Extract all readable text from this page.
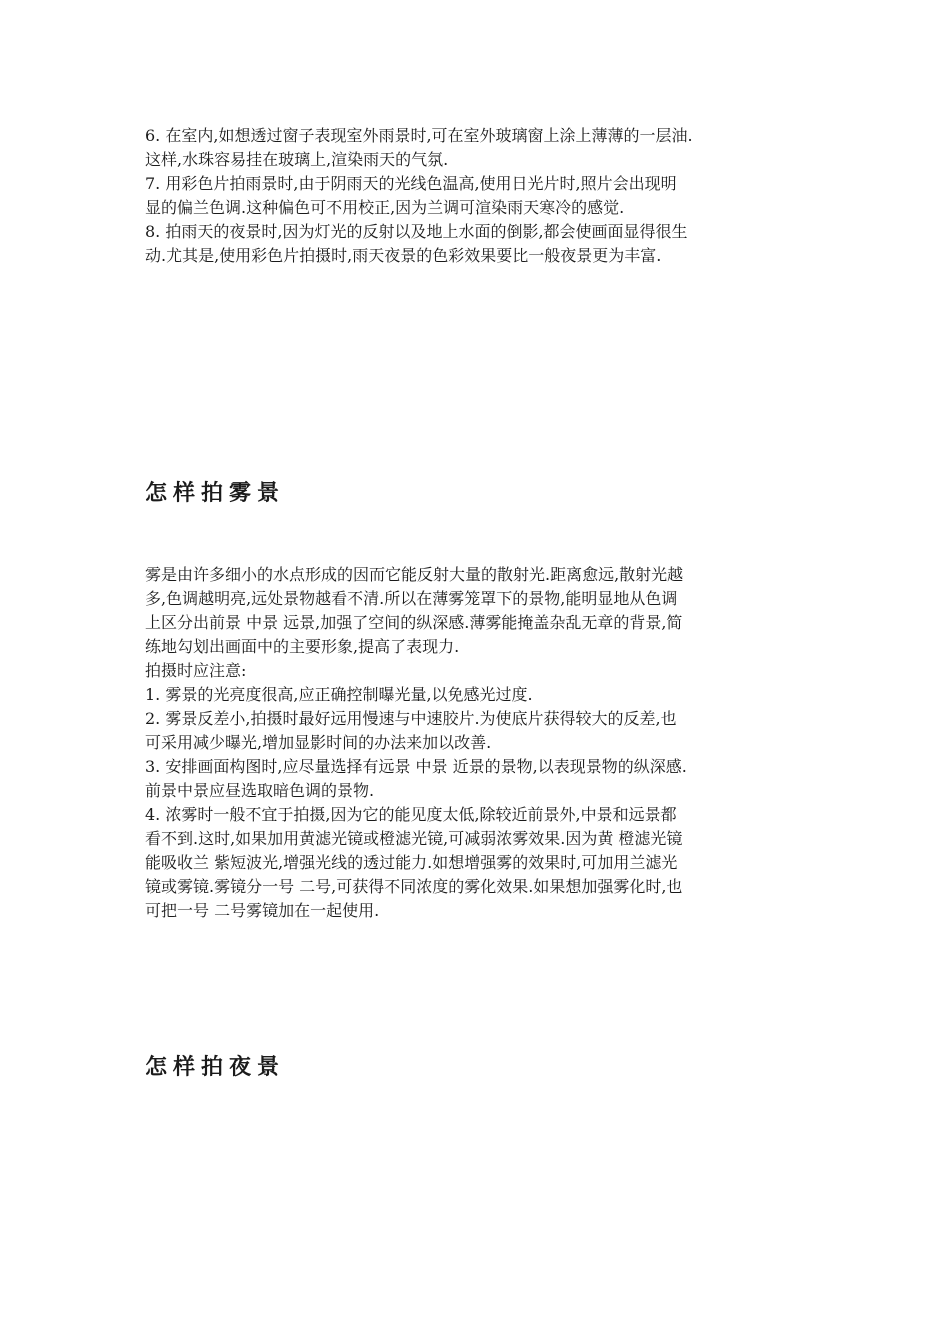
6. 在室内,如想透过窗子表现室外雨景时,可在室外玻璃窗上涂上薄薄的一层油.
这样,水珠容易挂在玻璃上,渲染雨天的气氛.
7. 用彩色片拍雨景时,由于阴雨天的光线色温高,使用日光片时,照片会出现明
显的偏兰色调.这种偏色可不用校正,因为兰调可渲染雨天寒冷的感觉.
8. 拍雨天的夜景时,因为灯光的反射以及地上水面的倒影,都会使画面显得很生
动.尤其是,使用彩色片拍摄时,雨天夜景的色彩效果要比一般夜景更为丰富.
怎样拍雾景
雾是由许多细小的水点形成的因而它能反射大量的散射光.距离愈远,散射光越
多,色调越明亮,远处景物越看不清.所以在薄雾笼罩下的景物,能明显地从色调
上区分出前景 中景 远景,加强了空间的纵深感.薄雾能掩盖杂乱无章的背景,简
练地勾划出画面中的主要形象,提高了表现力.
拍摄时应注意:
1. 雾景的光亮度很高,应正确控制曝光量,以免感光过度.
2. 雾景反差小,拍摄时最好远用慢速与中速胶片.为使底片获得较大的反差,也
可采用减少曝光,增加显影时间的办法来加以改善.
3. 安排画面构图时,应尽量选择有远景 中景 近景的景物,以表现景物的纵深感.
前景中景应昼选取暗色调的景物.
4. 浓雾时一般不宜于拍摄,因为它的能见度太低,除较近前景外,中景和远景都
看不到.这时,如果加用黄滤光镜或橙滤光镜,可减弱浓雾效果.因为黄 橙滤光镜
能吸收兰 紫短波光,增强光线的透过能力.如想增强雾的效果时,可加用兰滤光
镜或雾镜.雾镜分一号 二号,可获得不同浓度的雾化效果.如果想加强雾化时,也
可把一号 二号雾镜加在一起使用.
怎样拍夜景
